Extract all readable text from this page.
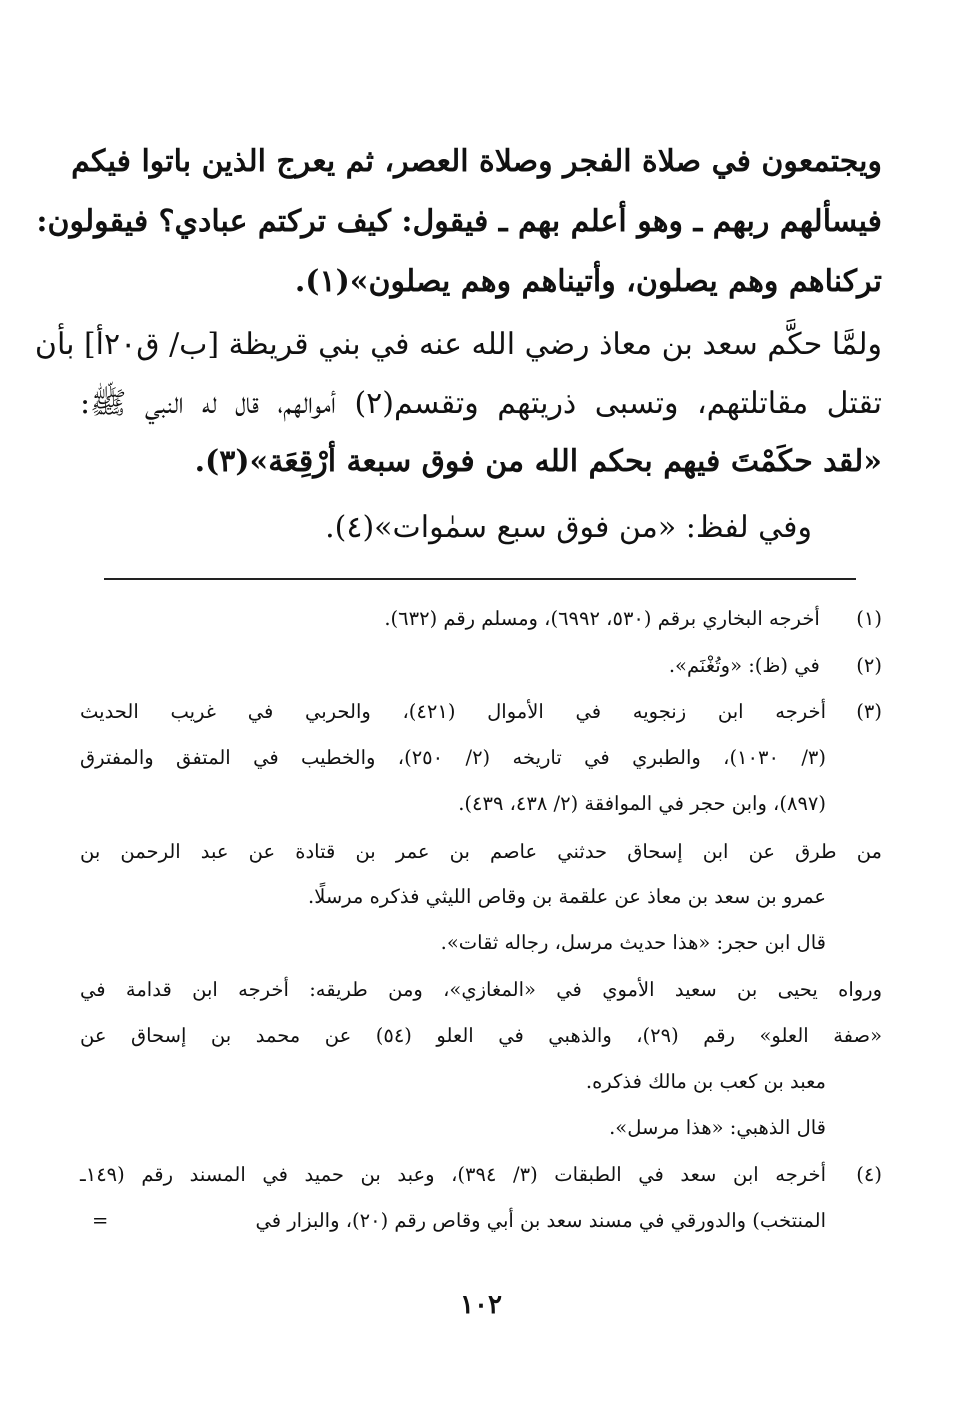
ويجتمعون في صلاة الفجر وصلاة العصر، ثم يعرج الذين باتوا فيكم
فيسألهم ربهم ـ وهو أعلم بهم ـ فيقول: كيف تركتم عبادي؟ فيقولون:
تركناهم وهم يصلون، وأتيناهم وهم يصلون»(١).
ولمَّا حكَّم سعد بن معاذ رضي الله عنه في بني قريظة [ب/ ق٢٠أ] بأن
تقتل مقاتلتهم، وتسبى ذريتهم وتقسم(٢) أموالهم، قال له النبي ﷺ:
«لقد حكَمْتَ فيهم بحكم الله من فوق سبعة أرْقِعَة»(٣).
وفي لفظ: «من فوق سبع سمٰوات»(٤).
(١) أخرجه البخاري برقم (٥٣٠، ٦٩٩٢)، ومسلم رقم (٦٣٢).
(٢) في (ظ): «وتُغْنَم».
(٣)
أخرجه ابن زنجويه في الأموال (٤٢١)، والحربي في غريب الحديث
(٣/ ١٠٣٠)، والطبري في تاريخه (٢/ ٢٥٠)، والخطيب في المتفق والمفترق
(٨٩٧)، وابن حجر في الموافقة (٢/ ٤٣٨، ٤٣٩).
من طرق عن ابن إسحاق حدثني عاصم بن عمر بن قتادة عن عبد الرحمن بن
عمرو بن سعد بن معاذ عن علقمة بن وقاص الليثي فذكره مرسلًا.
قال ابن حجر: «هذا حديث مرسل، رجاله ثقات».
ورواه يحيى بن سعيد الأموي في «المغازي»، ومن طريقه: أخرجه ابن قدامة في
«صفة العلو» رقم (٢٩)، والذهبي في العلو (٥٤) عن محمد بن إسحاق عن
معبد بن كعب بن مالك فذكره.
قال الذهبي: «هذا مرسل».
(٤)
أخرجه ابن سعد في الطبقات (٣/ ٣٩٤)، وعبد بن حميد في المسند رقم (١٤٩ـ
المنتخب) والدورقي في مسند سعد بن أبي وقاص رقم (٢٠)، والبزار في
=
١٠٢
